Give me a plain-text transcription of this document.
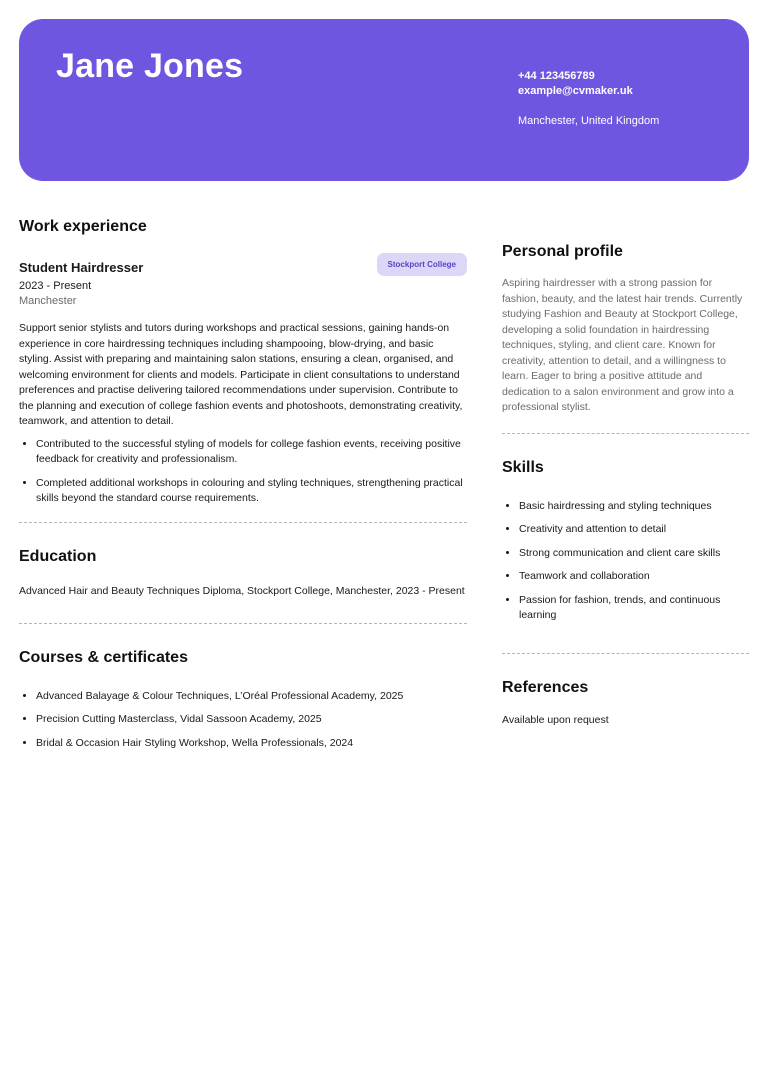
Jane Jones	+44 123456789
example@cvmaker.uk
Manchester, United Kingdom
Work experience
Student Hairdresser	Stockport College
2023 - Present
Manchester

Support senior stylists and tutors during workshops and practical sessions, gaining hands-on experience in core hairdressing techniques including shampooing, blow-drying, and basic styling. Assist with preparing and maintaining salon stations, ensuring a clean, organised, and welcoming environment for clients and models. Participate in client consultations to understand preferences and practise delivering tailored recommendations under supervision. Contribute to the planning and execution of college fashion events and photoshoots, demonstrating creativity, teamwork, and attention to detail.

• Contributed to the successful styling of models for college fashion events, receiving positive feedback for creativity and professionalism.
• Completed additional workshops in colouring and styling techniques, strengthening practical skills beyond the standard course requirements.
Education

Advanced Hair and Beauty Techniques Diploma, Stockport College, Manchester, 2023 - Present

Courses & certificates
• Advanced Balayage & Colour Techniques, L’Oréal Professional Academy, 2025
• Precision Cutting Masterclass, Vidal Sassoon Academy, 2025
• Bridal & Occasion Hair Styling Workshop, Wella Professionals, 2024
Personal profile

Aspiring hairdresser with a strong passion for fashion, beauty, and the latest hair trends. Currently studying Fashion and Beauty at Stockport College, developing a solid foundation in hairdressing techniques, styling, and client care. Known for creativity, attention to detail, and a willingness to learn. Eager to bring a positive attitude and dedication to a salon environment and grow into a professional stylist.

Skills
• Basic hairdressing and styling techniques
• Creativity and attention to detail
• Strong communication and client care skills
• Teamwork and collaboration
• Passion for fashion, trends, and continuous learning
References

Available upon request
